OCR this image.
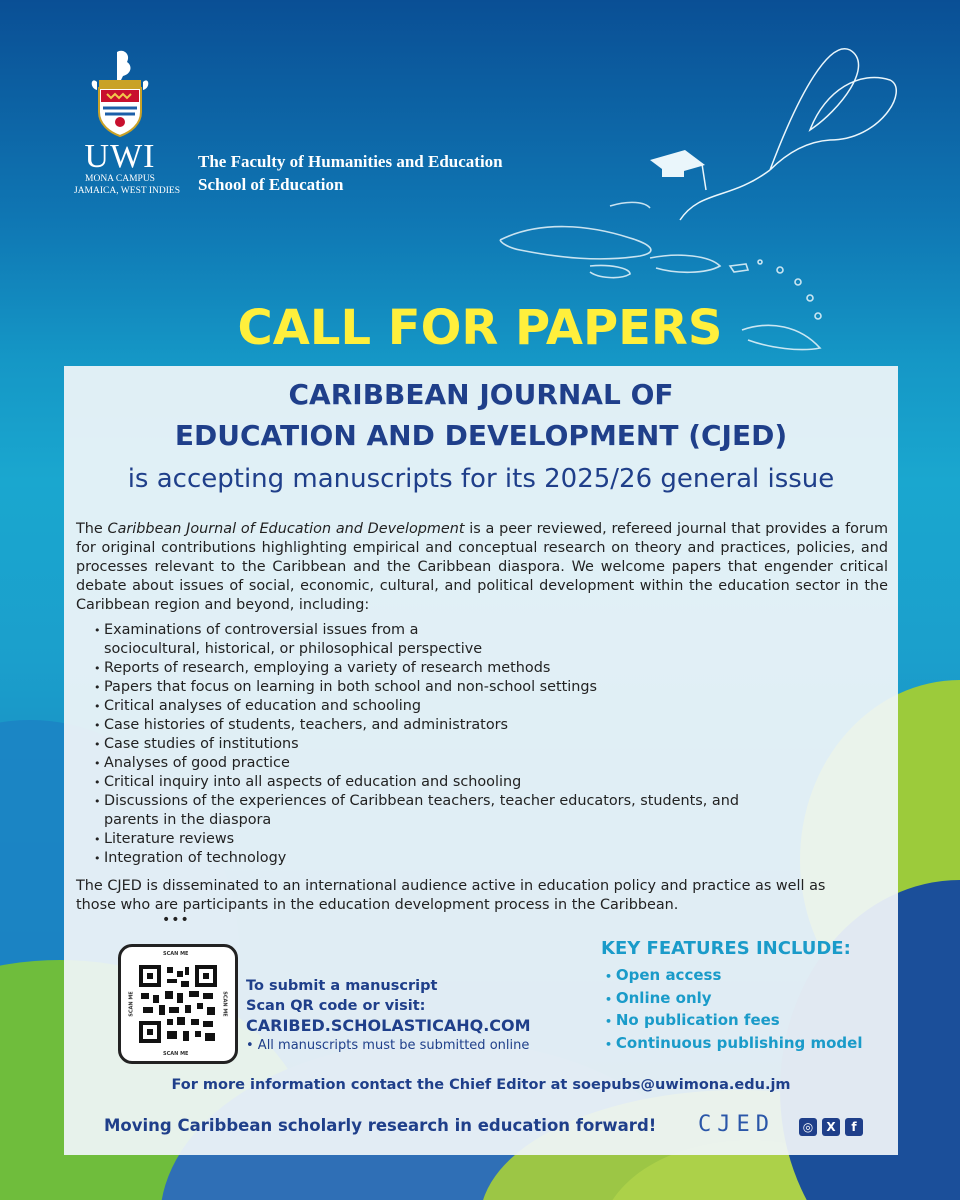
UWI
MONA CAMPUS
JAMAICA, WEST INDIES
The Faculty of Humanities and Education
School of Education
CALL FOR PAPERS
CARIBBEAN JOURNAL OF
EDUCATION AND DEVELOPMENT (CJED)
is accepting manuscripts for its 2025/26 general issue
The Caribbean Journal of Education and Development is a peer reviewed, refereed journal that provides a forum for original contributions highlighting empirical and conceptual research on theory and practices, policies, and processes relevant to the Caribbean and the Caribbean diaspora. We welcome papers that engender critical debate about issues of social, economic, cultural, and political development within the education sector in the Caribbean region and beyond, including:
• Examinations of controversial issues from a sociocultural, historical, or philosophical perspective
• Reports of research, employing a variety of research methods
• Papers that focus on learning in both school and non-school settings
• Critical analyses of education and schooling
• Case histories of students, teachers, and administrators
• Case studies of institutions
• Analyses of good practice
• Critical inquiry into all aspects of education and schooling
• Discussions of the experiences of Caribbean teachers, teacher educators, students, and parents in the diaspora
• Literature reviews
• Integration of technology
The CJED is disseminated to an international audience active in education policy and practice as well as those who are participants in the education development process in the Caribbean.
•••
SCAN ME
SCAN ME
SCAN ME	SCAN ME
To submit a manuscript
Scan QR code or visit:
CARIBED.SCHOLASTICAHQ.COM
• All manuscripts must be submitted online
KEY FEATURES INCLUDE:
• Open access
• Online only
• No publication fees
• Continuous publishing model
For more information contact the Chief Editor at soepubs@uwimona.edu.jm
Moving Caribbean scholarly research in education forward! CJED	◎	X	f
